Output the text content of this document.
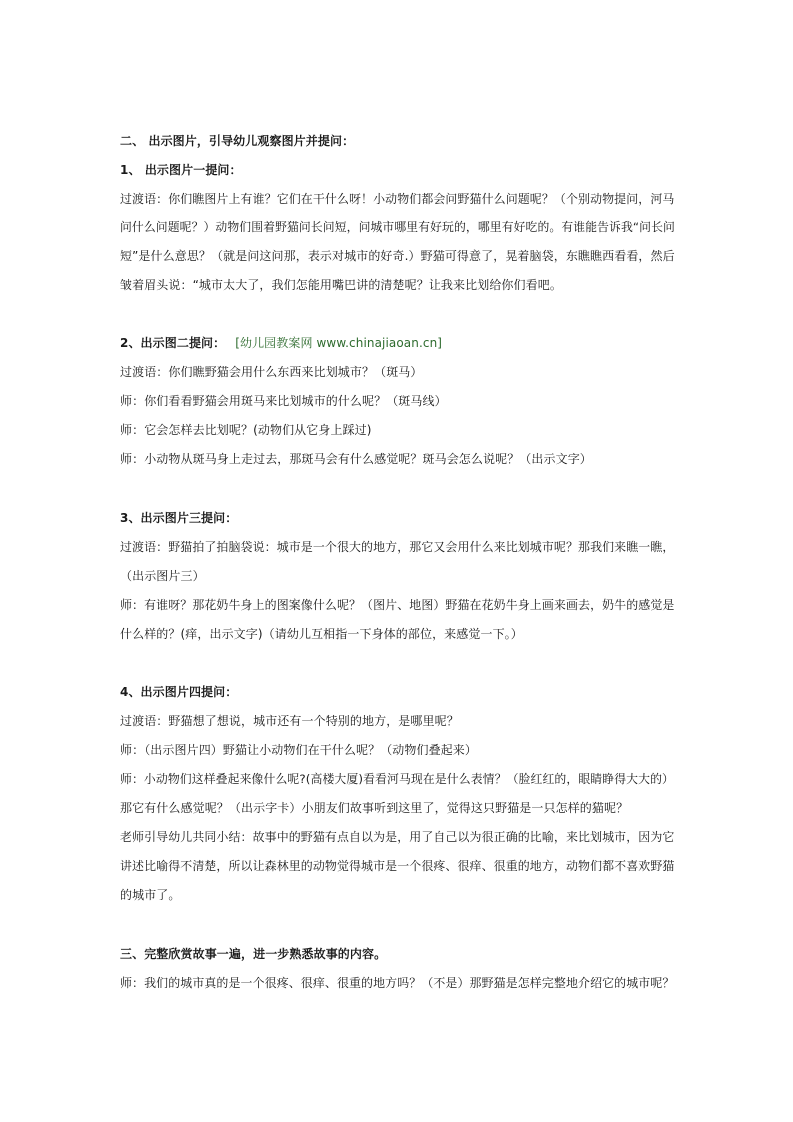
二、 出示图片，引导幼儿观察图片并提问：
1、 出示图片一提问：
过渡语：你们瞧图片上有谁？它们在干什么呀！小动物们都会问野猫什么问题呢？（个别动物提问，河马
问什么问题呢？）动物们围着野猫问长问短，问城市哪里有好玩的，哪里有好吃的。有谁能告诉我“问长问
短”是什么意思？（就是问这问那，表示对城市的好奇.）野猫可得意了，晃着脑袋，东瞧瞧西看看，然后
皱着眉头说：“城市太大了，我们怎能用嘴巴讲的清楚呢？让我来比划给你们看吧。
2、出示图二提问： [幼儿园教案网 www.chinajiaoan.cn]
过渡语：你们瞧野猫会用什么东西来比划城市？（斑马）
师：你们看看野猫会用斑马来比划城市的什么呢？（斑马线）
师：它会怎样去比划呢？(动物们从它身上踩过)
师：小动物从斑马身上走过去，那斑马会有什么感觉呢？斑马会怎么说呢？（出示文字）
3、出示图片三提问：
过渡语：野猫拍了拍脑袋说：城市是一个很大的地方，那它又会用什么来比划城市呢？那我们来瞧一瞧，
（出示图片三）
师：有谁呀？那花奶牛身上的图案像什么呢？（图片、地图）野猫在花奶牛身上画来画去，奶牛的感觉是
什么样的？(痒，出示文字)（请幼儿互相指一下身体的部位，来感觉一下。）
4、出示图片四提问：
过渡语：野猫想了想说，城市还有一个特别的地方，是哪里呢？
师：（出示图片四）野猫让小动物们在干什么呢？（动物们叠起来）
师：小动物们这样叠起来像什么呢?(高楼大厦)看看河马现在是什么表情？（脸红红的，眼睛睁得大大的）
那它有什么感觉呢？（出示字卡）小朋友们故事听到这里了，觉得这只野猫是一只怎样的猫呢？
老师引导幼儿共同小结：故事中的野猫有点自以为是，用了自己以为很正确的比喻，来比划城市，因为它
讲述比喻得不清楚，所以让森林里的动物觉得城市是一个很疼、很痒、很重的地方，动物们都不喜欢野猫
的城市了。
三、完整欣赏故事一遍，进一步熟悉故事的内容。
师：我们的城市真的是一个很疼、很痒、很重的地方吗？（不是）那野猫是怎样完整地介绍它的城市呢？
